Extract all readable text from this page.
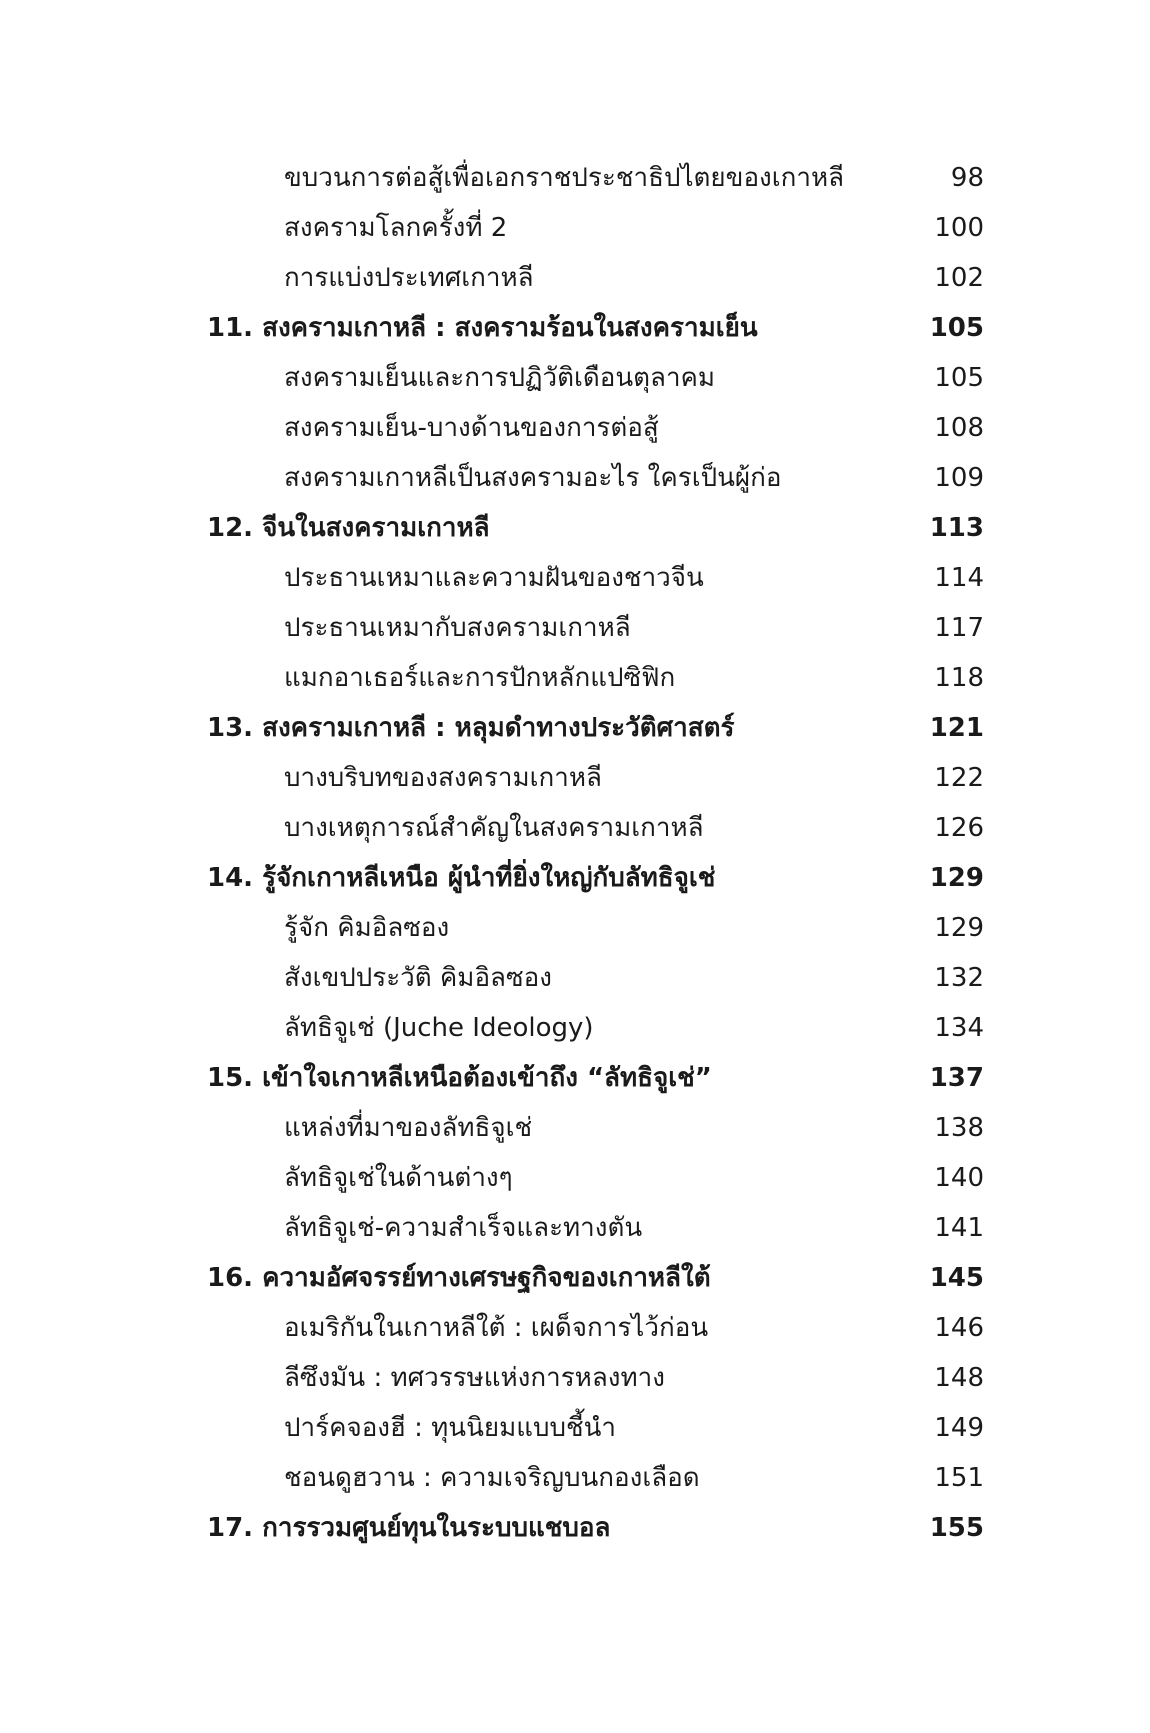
ขบวนการต่อสู้เพื่อเอกราชประชาธิปไตยของเกาหลี	98
สงครามโลกครั้งที่ 2	100
การแบ่งประเทศเกาหลี	102
11. สงครามเกาหลี : สงครามร้อนในสงครามเย็น	105
สงครามเย็นและการปฏิวัติเดือนตุลาคม	105
สงครามเย็น-บางด้านของการต่อสู้	108
สงครามเกาหลีเป็นสงครามอะไร ใครเป็นผู้ก่อ	109
12. จีนในสงครามเกาหลี	113
ประธานเหมาและความฝันของชาวจีน	114
ประธานเหมากับสงครามเกาหลี	117
แมกอาเธอร์และการปักหลักแปซิฟิก	118
13. สงครามเกาหลี : หลุมดำทางประวัติศาสตร์	121
บางบริบทของสงครามเกาหลี	122
บางเหตุการณ์สำคัญในสงครามเกาหลี	126
14. รู้จักเกาหลีเหนือ ผู้นำที่ยิ่งใหญ่กับลัทธิจูเช่	129
รู้จัก คิมอิลซอง	129
สังเขปประวัติ คิมอิลซอง	132
ลัทธิจูเช่ (Juche Ideology)	134
15. เข้าใจเกาหลีเหนือต้องเข้าถึง “ลัทธิจูเช่”	137
แหล่งที่มาของลัทธิจูเช่	138
ลัทธิจูเช่ในด้านต่างๆ	140
ลัทธิจูเช่-ความสำเร็จและทางตัน	141
16. ความอัศจรรย์ทางเศรษฐกิจของเกาหลีใต้	145
อเมริกันในเกาหลีใต้ : เผด็จการไว้ก่อน	146
ลีซึงมัน : ทศวรรษแห่งการหลงทาง	148
ปาร์คจองฮี : ทุนนิยมแบบชี้นำ	149
ชอนดูฮวาน : ความเจริญบนกองเลือด	151
17. การรวมศูนย์ทุนในระบบแชบอล	155
